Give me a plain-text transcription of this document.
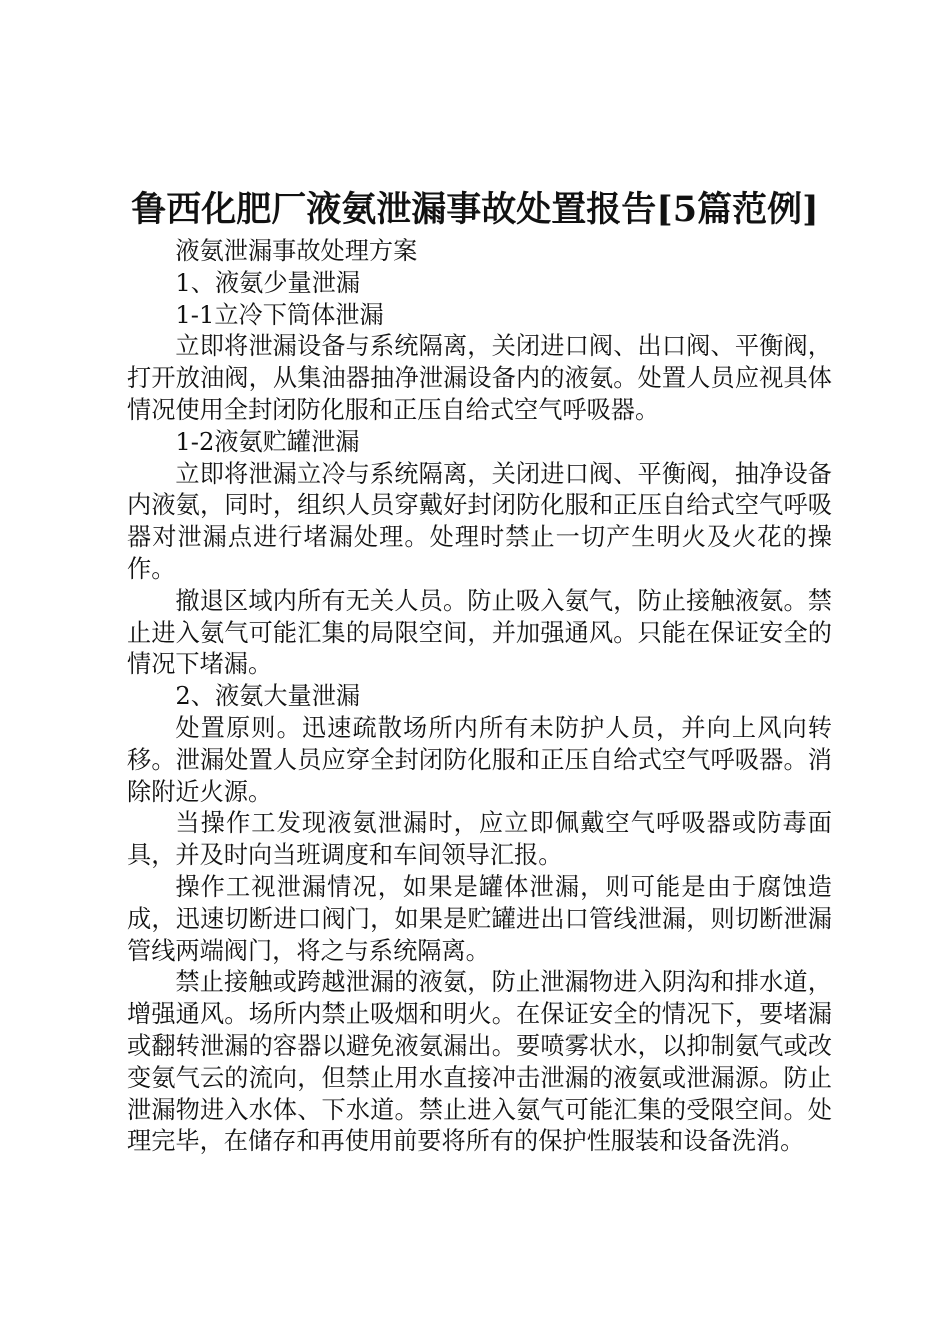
鲁西化肥厂液氨泄漏事故处置报告[5篇范例]

液氨泄漏事故处理方案

1、液氨少量泄漏

1-1立冷下筒体泄漏

立即将泄漏设备与系统隔离，关闭进口阀、出口阀、平衡阀，打开放油阀，从集油器抽净泄漏设备内的液氨。处置人员应视具体情况使用全封闭防化服和正压自给式空气呼吸器。

1-2液氨贮罐泄漏

立即将泄漏立冷与系统隔离，关闭进口阀、平衡阀，抽净设备内液氨，同时，组织人员穿戴好封闭防化服和正压自给式空气呼吸器对泄漏点进行堵漏处理。处理时禁止一切产生明火及火花的操作。

撤退区域内所有无关人员。防止吸入氨气，防止接触液氨。禁止进入氨气可能汇集的局限空间，并加强通风。只能在保证安全的情况下堵漏。

2、液氨大量泄漏

处置原则。迅速疏散场所内所有未防护人员，并向上风向转移。泄漏处置人员应穿全封闭防化服和正压自给式空气呼吸器。消除附近火源。

当操作工发现液氨泄漏时，应立即佩戴空气呼吸器或防毒面具，并及时向当班调度和车间领导汇报。

操作工视泄漏情况，如果是罐体泄漏，则可能是由于腐蚀造成，迅速切断进口阀门，如果是贮罐进出口管线泄漏，则切断泄漏管线两端阀门，将之与系统隔离。

禁止接触或跨越泄漏的液氨，防止泄漏物进入阴沟和排水道，增强通风。场所内禁止吸烟和明火。在保证安全的情况下，要堵漏或翻转泄漏的容器以避免液氨漏出。要喷雾状水，以抑制氨气或改变氨气云的流向，但禁止用水直接冲击泄漏的液氨或泄漏源。防止泄漏物进入水体、下水道。禁止进入氨气可能汇集的受限空间。处理完毕，在储存和再使用前要将所有的保护性服装和设备洗消。
